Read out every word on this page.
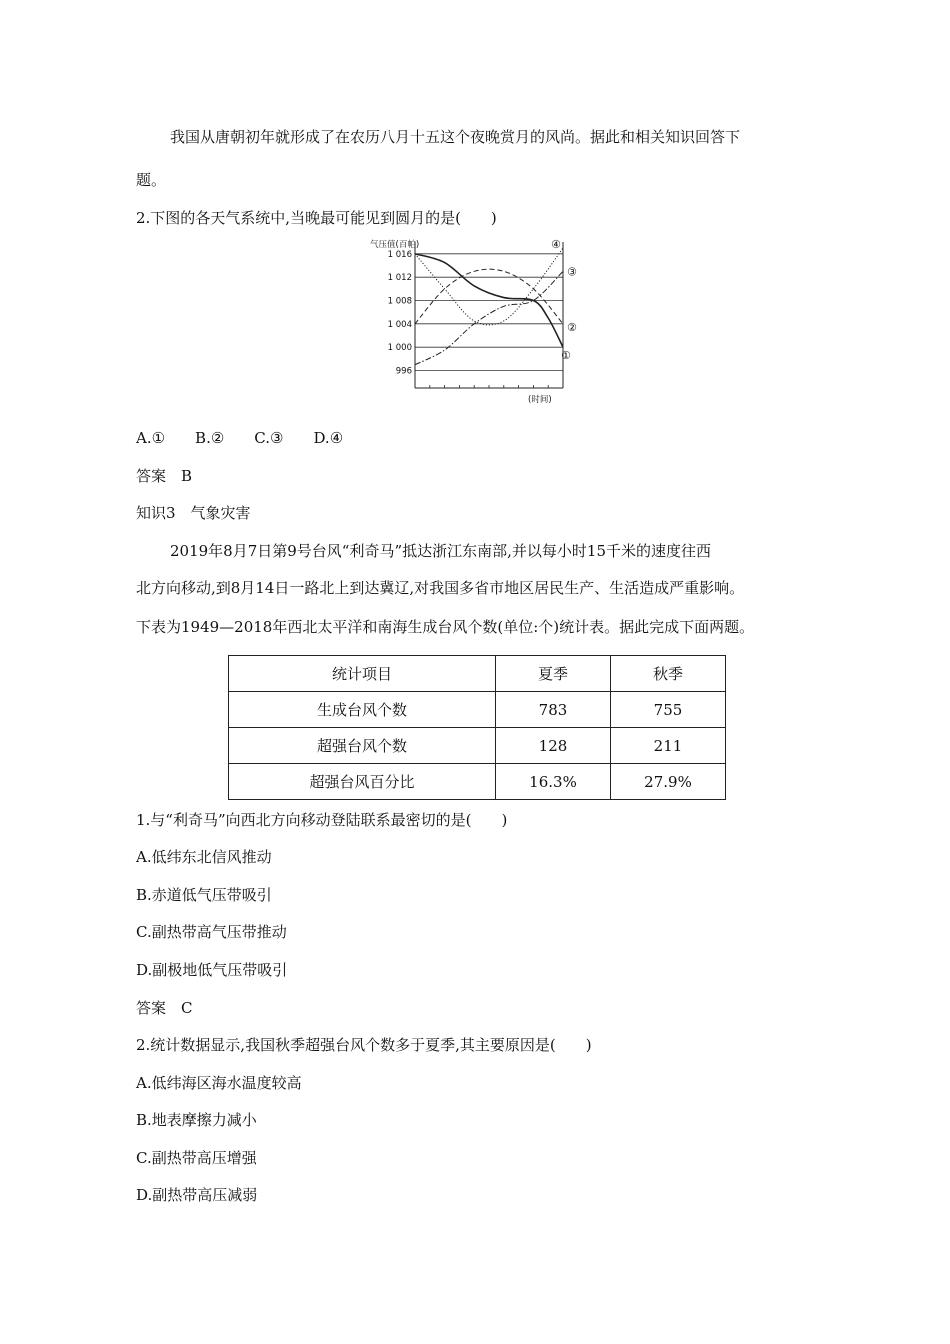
我国从唐朝初年就形成了在农历八月十五这个夜晚赏月的风尚。据此和相关知识回答下
题。
2.下图的各天气系统中,当晚最可能见到圆月的是(　　)
1 016
1 012
1 008
1 004
1 000
996
气压值(百帕)
(时间)
①
②
③
④
A.①　　B.②　　C.③　　D.④
答案　B
知识3　气象灾害
2019年8月7日第9号台风“利奇马”抵达浙江东南部,并以每小时15千米的速度往西
北方向移动,到8月14日一路北上到达冀辽,对我国多省市地区居民生产、生活造成严重影响。
下表为1949—2018年西北太平洋和南海生成台风个数(单位:个)统计表。据此完成下面两题。
统计项目	夏季	秋季
生成台风个数	783	755
超强台风个数	128	211
超强台风百分比	16.3%	27.9%
1.与“利奇马”向西北方向移动登陆联系最密切的是(　　)
A.低纬东北信风推动
B.赤道低气压带吸引
C.副热带高气压带推动
D.副极地低气压带吸引
答案　C
2.统计数据显示,我国秋季超强台风个数多于夏季,其主要原因是(　　)
A.低纬海区海水温度较高
B.地表摩擦力减小
C.副热带高压增强
D.副热带高压减弱
